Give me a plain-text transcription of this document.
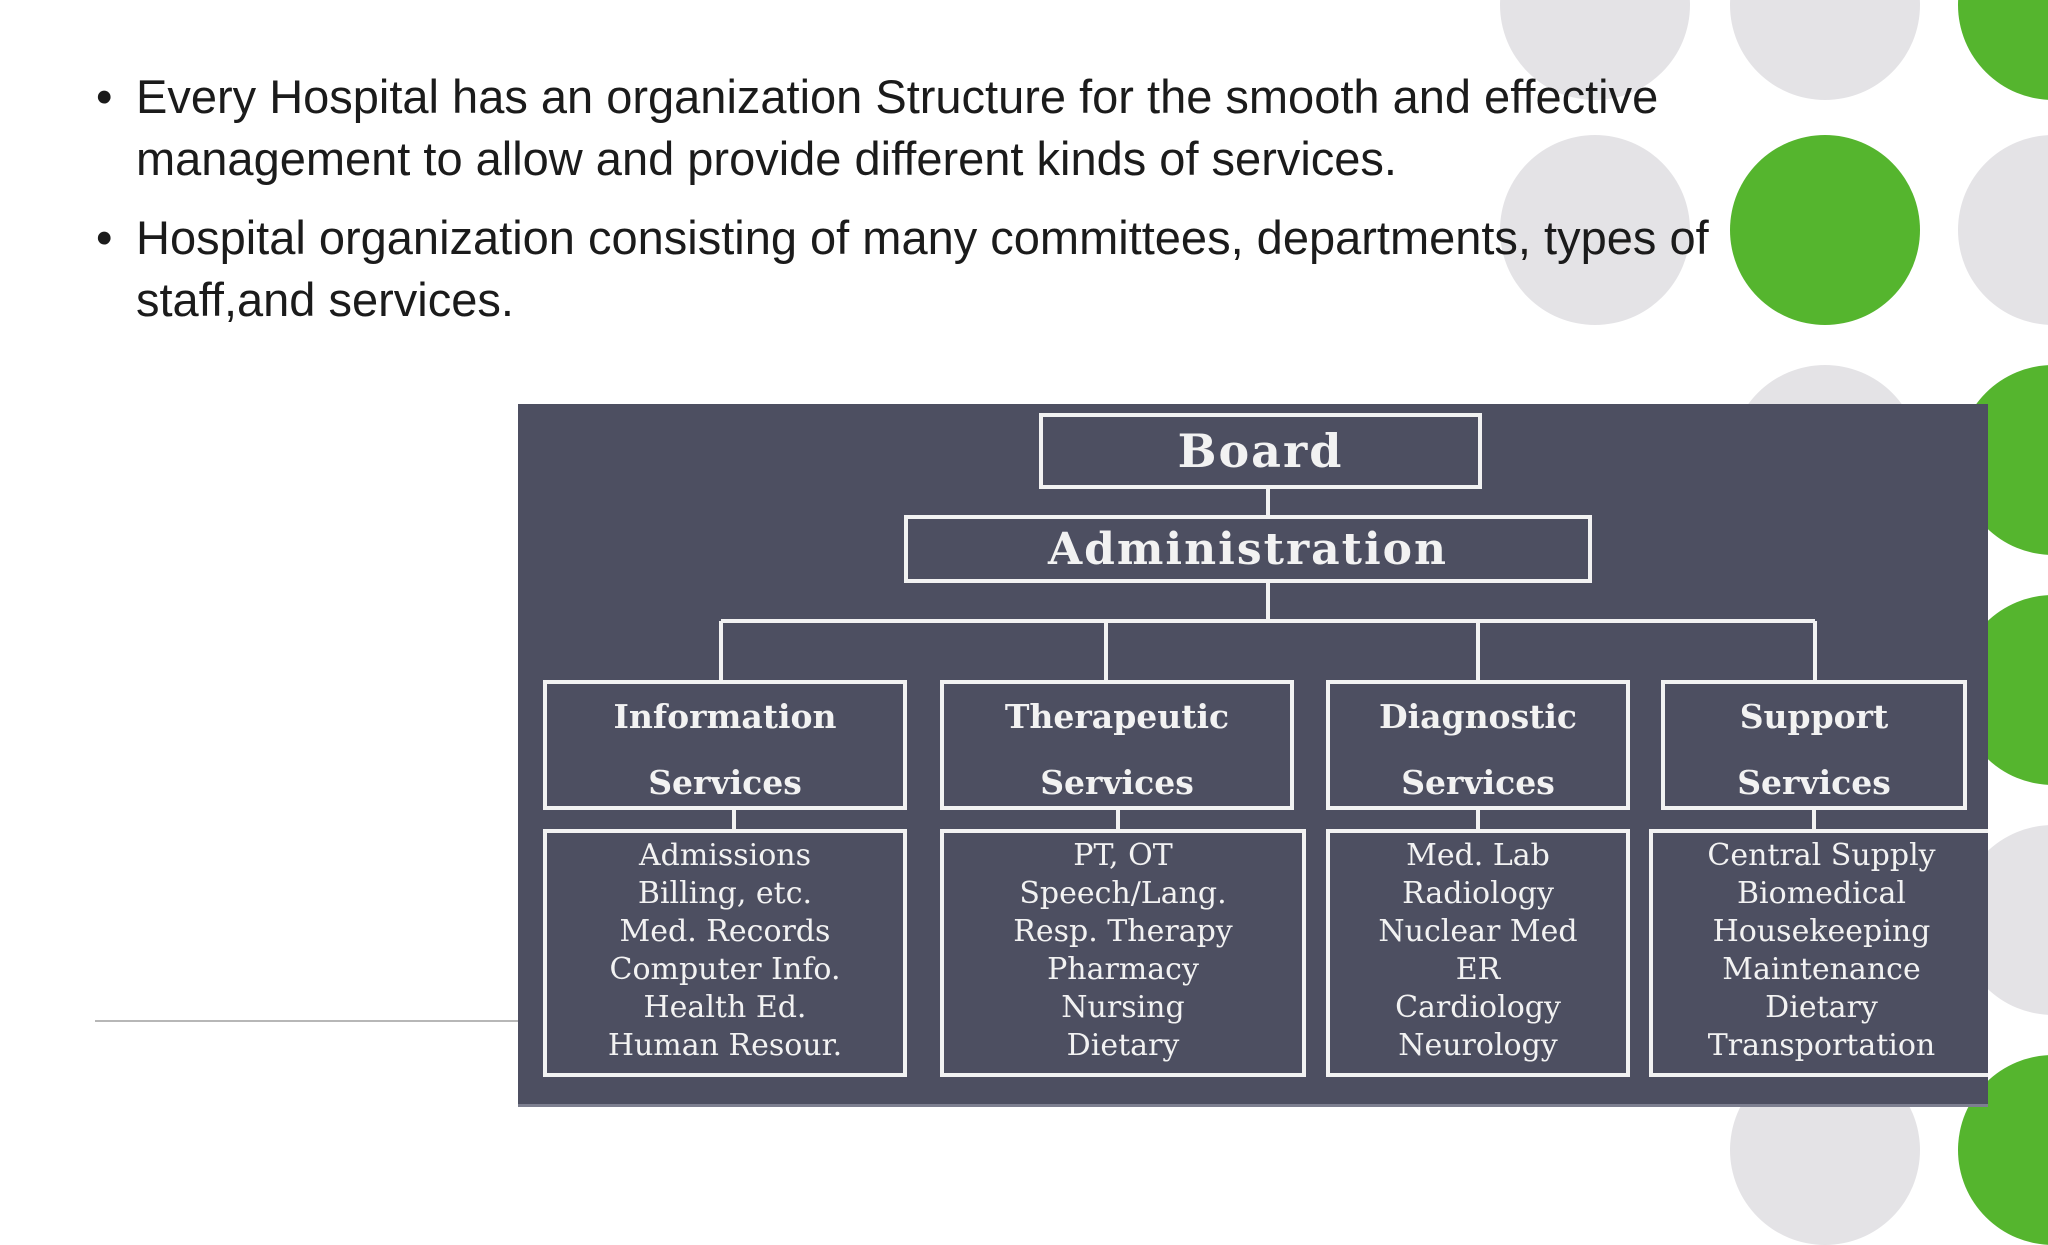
• Every Hospital has an organization Structure for the smooth and effective management to allow and provide different kinds of services.
• Hospital organization consisting of many committees, departments, types of staff,and services.
Board
Administration
Information
Services
Therapeutic
Services
Diagnostic
Services
Support
Services
Admissions
Billing, etc.
Med. Records
Computer Info.
Health Ed.
Human Resour.
PT, OT
Speech/Lang.
Resp. Therapy
Pharmacy
Nursing
Dietary
Med. Lab
Radiology
Nuclear Med
ER
Cardiology
Neurology
Central Supply
Biomedical
Housekeeping
Maintenance
Dietary
Transportation
